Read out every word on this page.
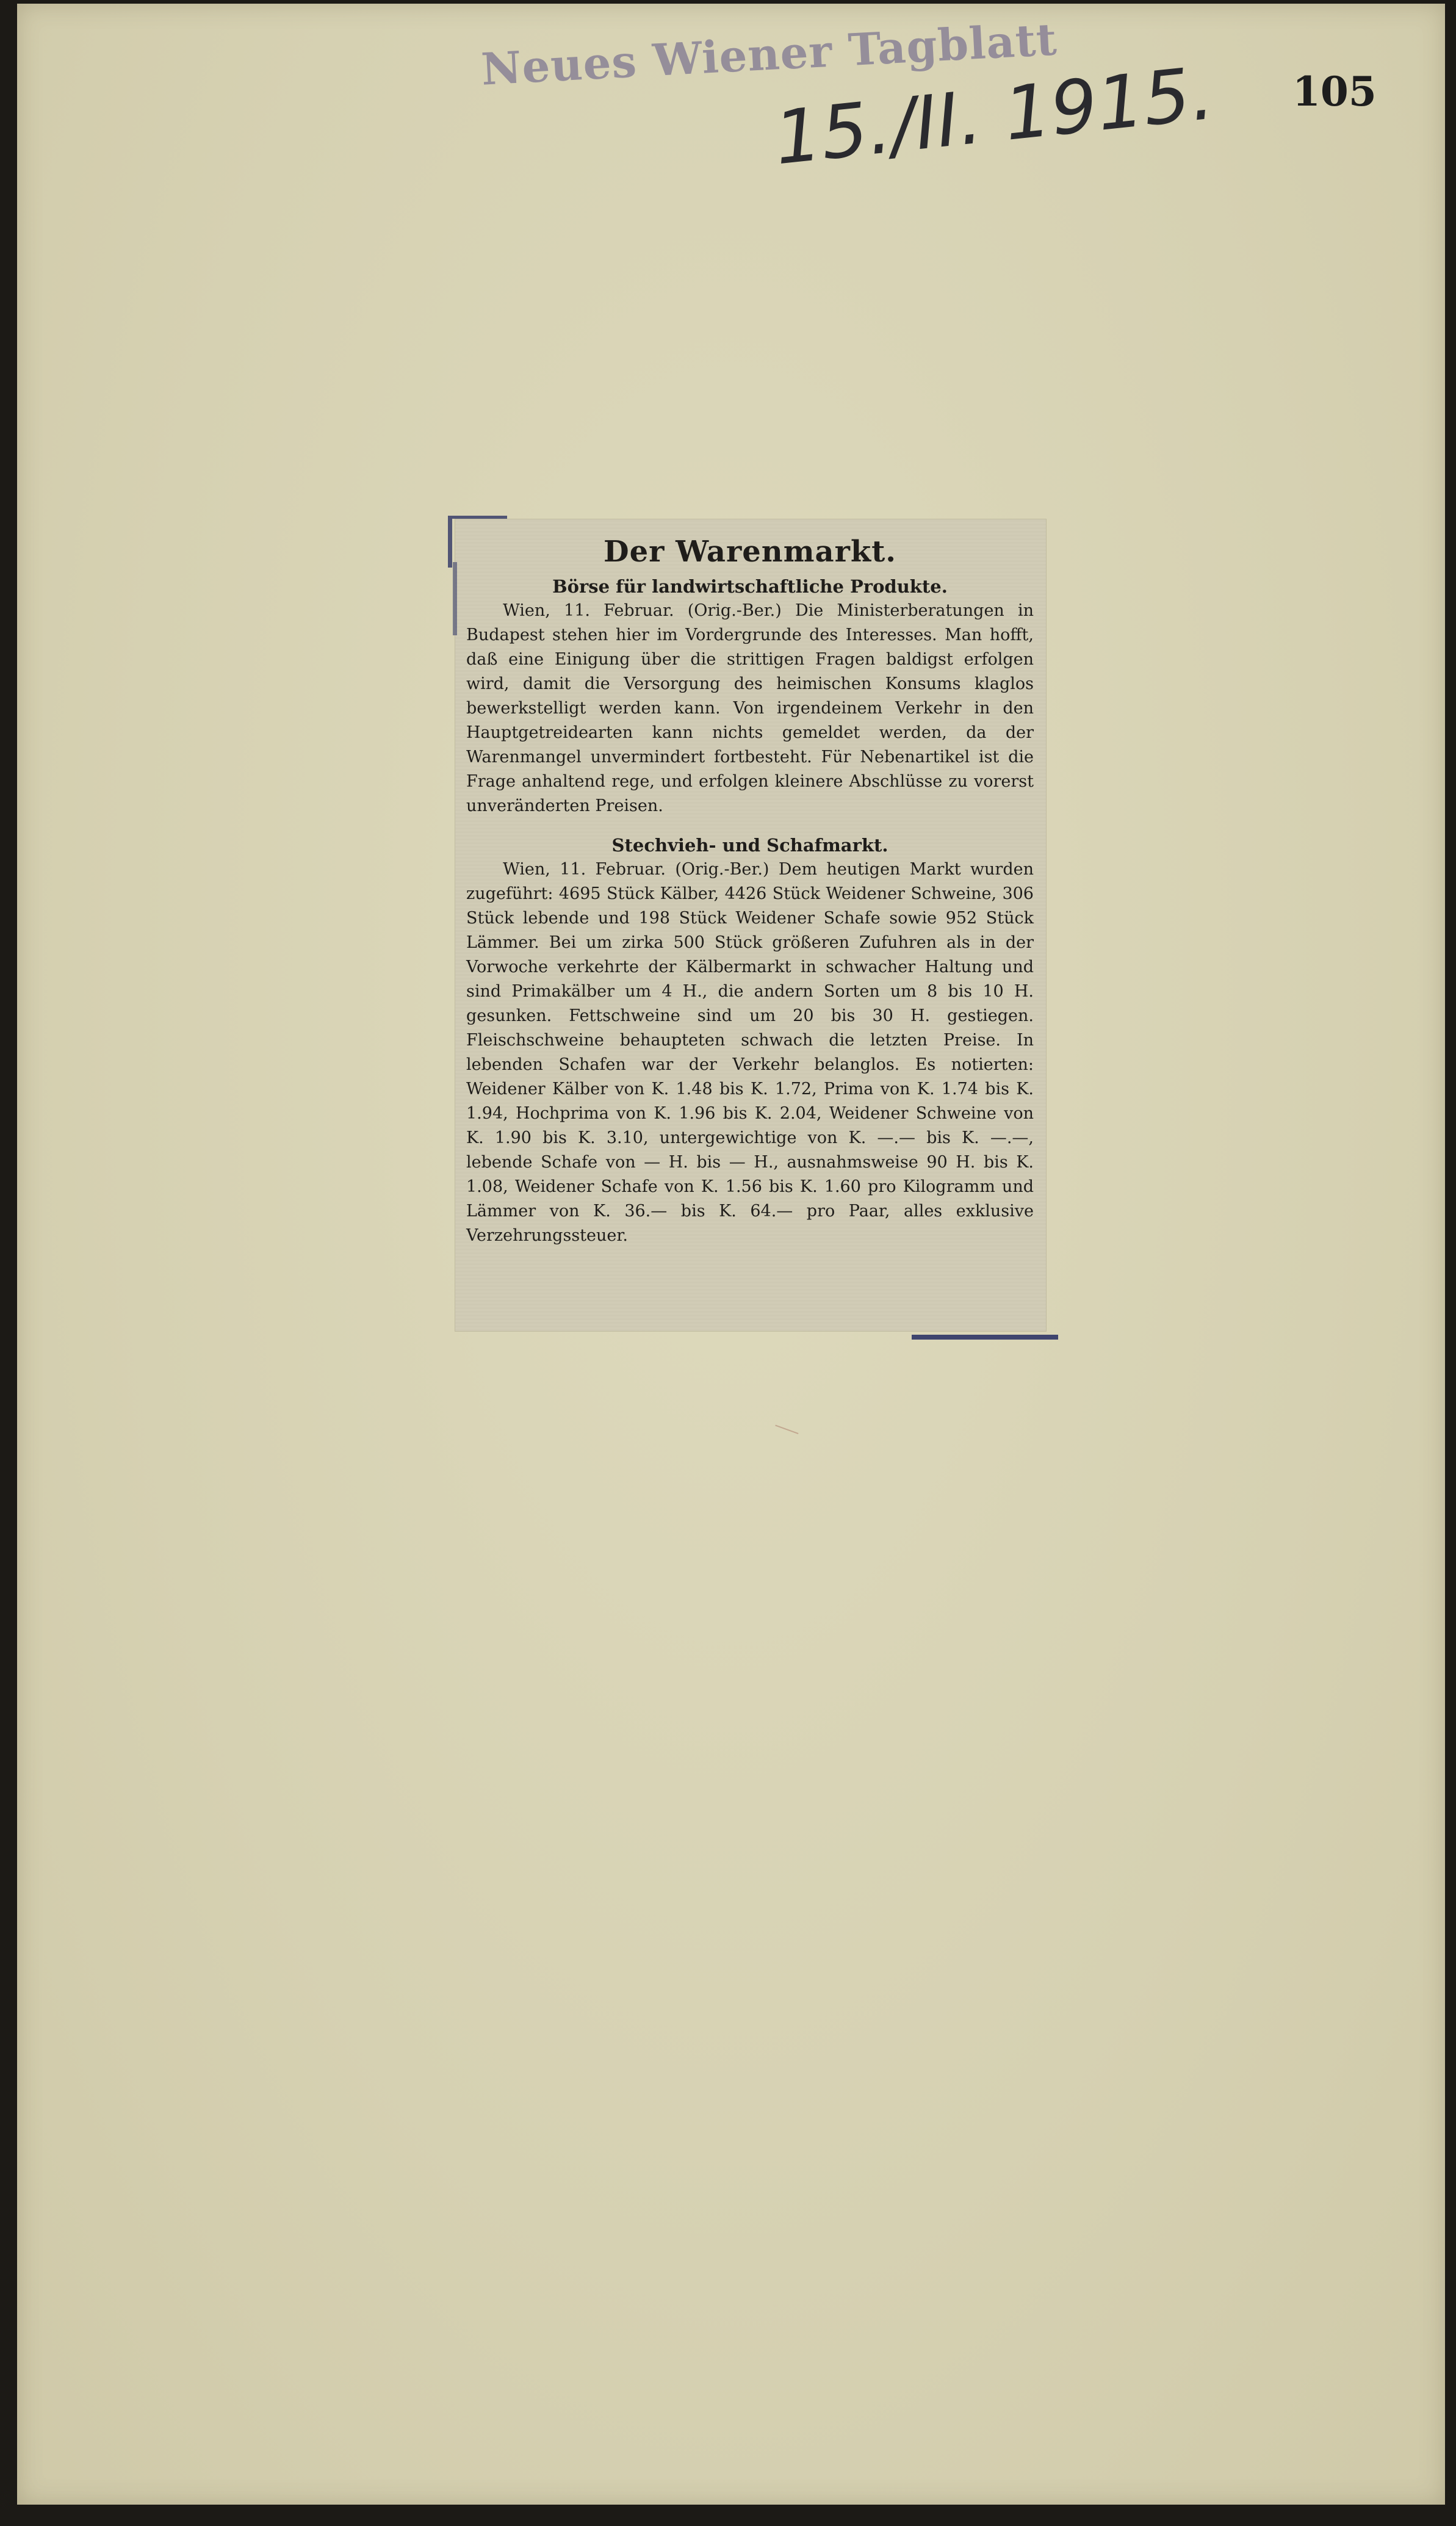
Neues Wiener Tagblatt
15./II. 1915. 105
Der Warenmarkt.
Börse für landwirtschaftliche Produkte.

Wien, 11. Februar. (Orig.-Ber.) Die Ministerberatungen in Budapest stehen hier im Vordergrunde des Interesses. Man hofft, daß eine Einigung über die strittigen Fragen baldigst erfolgen wird, damit die Versorgung des heimischen Konsums klaglos bewerkstelligt werden kann. Von irgendeinem Verkehr in den Hauptgetreidearten kann nichts gemeldet werden, da der Warenmangel unvermindert fortbesteht. Für Nebenartikel ist die Frage anhaltend rege, und erfolgen kleinere Abschlüsse zu vorerst unveränderten Preisen.

Stechvieh- und Schafmarkt.

Wien, 11. Februar. (Orig.-Ber.) Dem heutigen Markt wurden zugeführt: 4695 Stück Kälber, 4426 Stück Weidener Schweine, 306 Stück lebende und 198 Stück Weidener Schafe sowie 952 Stück Lämmer. Bei um zirka 500 Stück größeren Zufuhren als in der Vorwoche verkehrte der Kälbermarkt in schwacher Haltung und sind Primakälber um 4 H., die andern Sorten um 8 bis 10 H. gesunken. Fettschweine sind um 20 bis 30 H. gestiegen. Fleischschweine behaupteten schwach die letzten Preise. In lebenden Schafen war der Verkehr belanglos. Es notierten: Weidener Kälber von K. 1.48 bis K. 1.72, Prima von K. 1.74 bis K. 1.94, Hochprima von K. 1.96 bis K. 2.04, Weidener Schweine von K. 1.90 bis K. 3.10, untergewichtige von K. —.— bis K. —.—, lebende Schafe von — H. bis — H., ausnahmsweise 90 H. bis K. 1.08, Weidener Schafe von K. 1.56 bis K. 1.60 pro Kilogramm und Lämmer von K. 36.— bis K. 64.— pro Paar, alles exklusive Verzehrungssteuer.
